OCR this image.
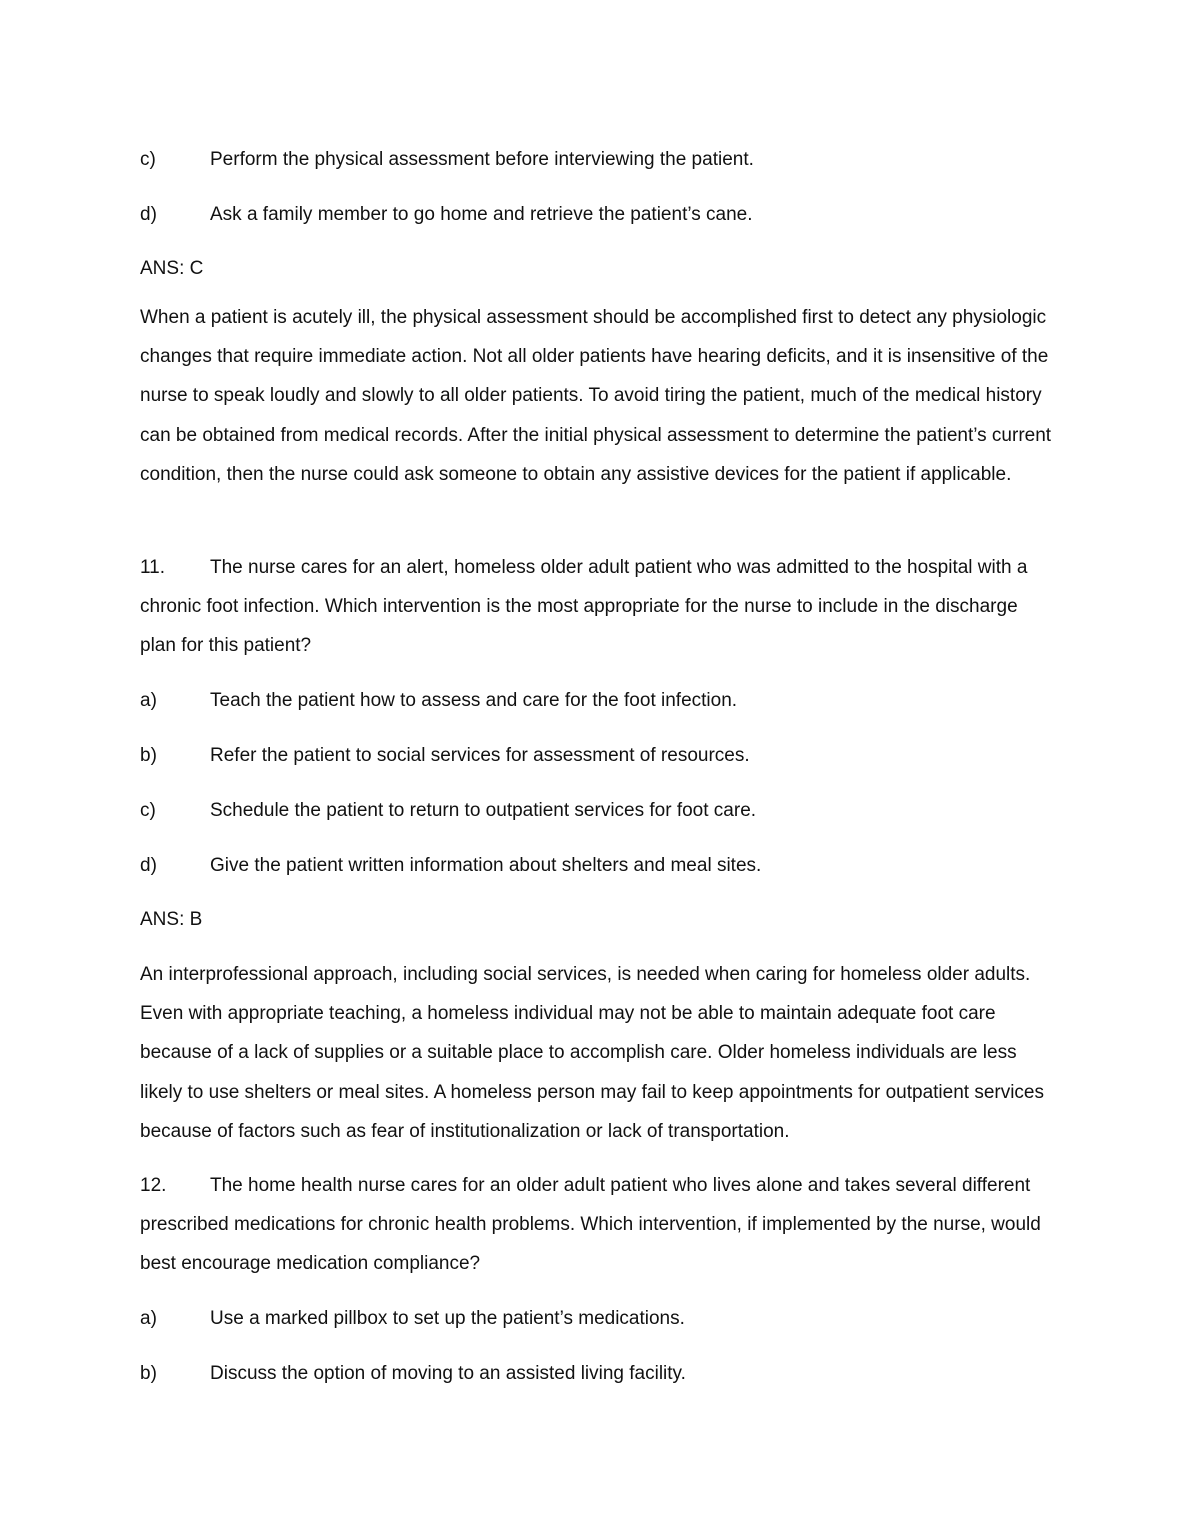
c)	Perform the physical assessment before interviewing the patient.
d)	Ask a family member to go home and retrieve the patient’s cane.
ANS: C
When a patient is acutely ill, the physical assessment should be accomplished first to detect any physiologic changes that require immediate action. Not all older patients have hearing deficits, and it is insensitive of the nurse to speak loudly and slowly to all older patients. To avoid tiring the patient, much of the medical history can be obtained from medical records. After the initial physical assessment to determine the patient’s current condition, then the nurse could ask someone to obtain any assistive devices for the patient if applicable.
11. The nurse cares for an alert, homeless older adult patient who was admitted to the hospital with a chronic foot infection. Which intervention is the most appropriate for the nurse to include in the discharge plan for this patient?
a)	Teach the patient how to assess and care for the foot infection.
b)	Refer the patient to social services for assessment of resources.
c)	Schedule the patient to return to outpatient services for foot care.
d)	Give the patient written information about shelters and meal sites.
ANS: B
An interprofessional approach, including social services, is needed when caring for homeless older adults. Even with appropriate teaching, a homeless individual may not be able to maintain adequate foot care because of a lack of supplies or a suitable place to accomplish care. Older homeless individuals are less likely to use shelters or meal sites. A homeless person may fail to keep appointments for outpatient services because of factors such as fear of institutionalization or lack of transportation.
12. The home health nurse cares for an older adult patient who lives alone and takes several different prescribed medications for chronic health problems. Which intervention, if implemented by the nurse, would best encourage medication compliance?
a)	Use a marked pillbox to set up the patient’s medications.
b)	Discuss the option of moving to an assisted living facility.
